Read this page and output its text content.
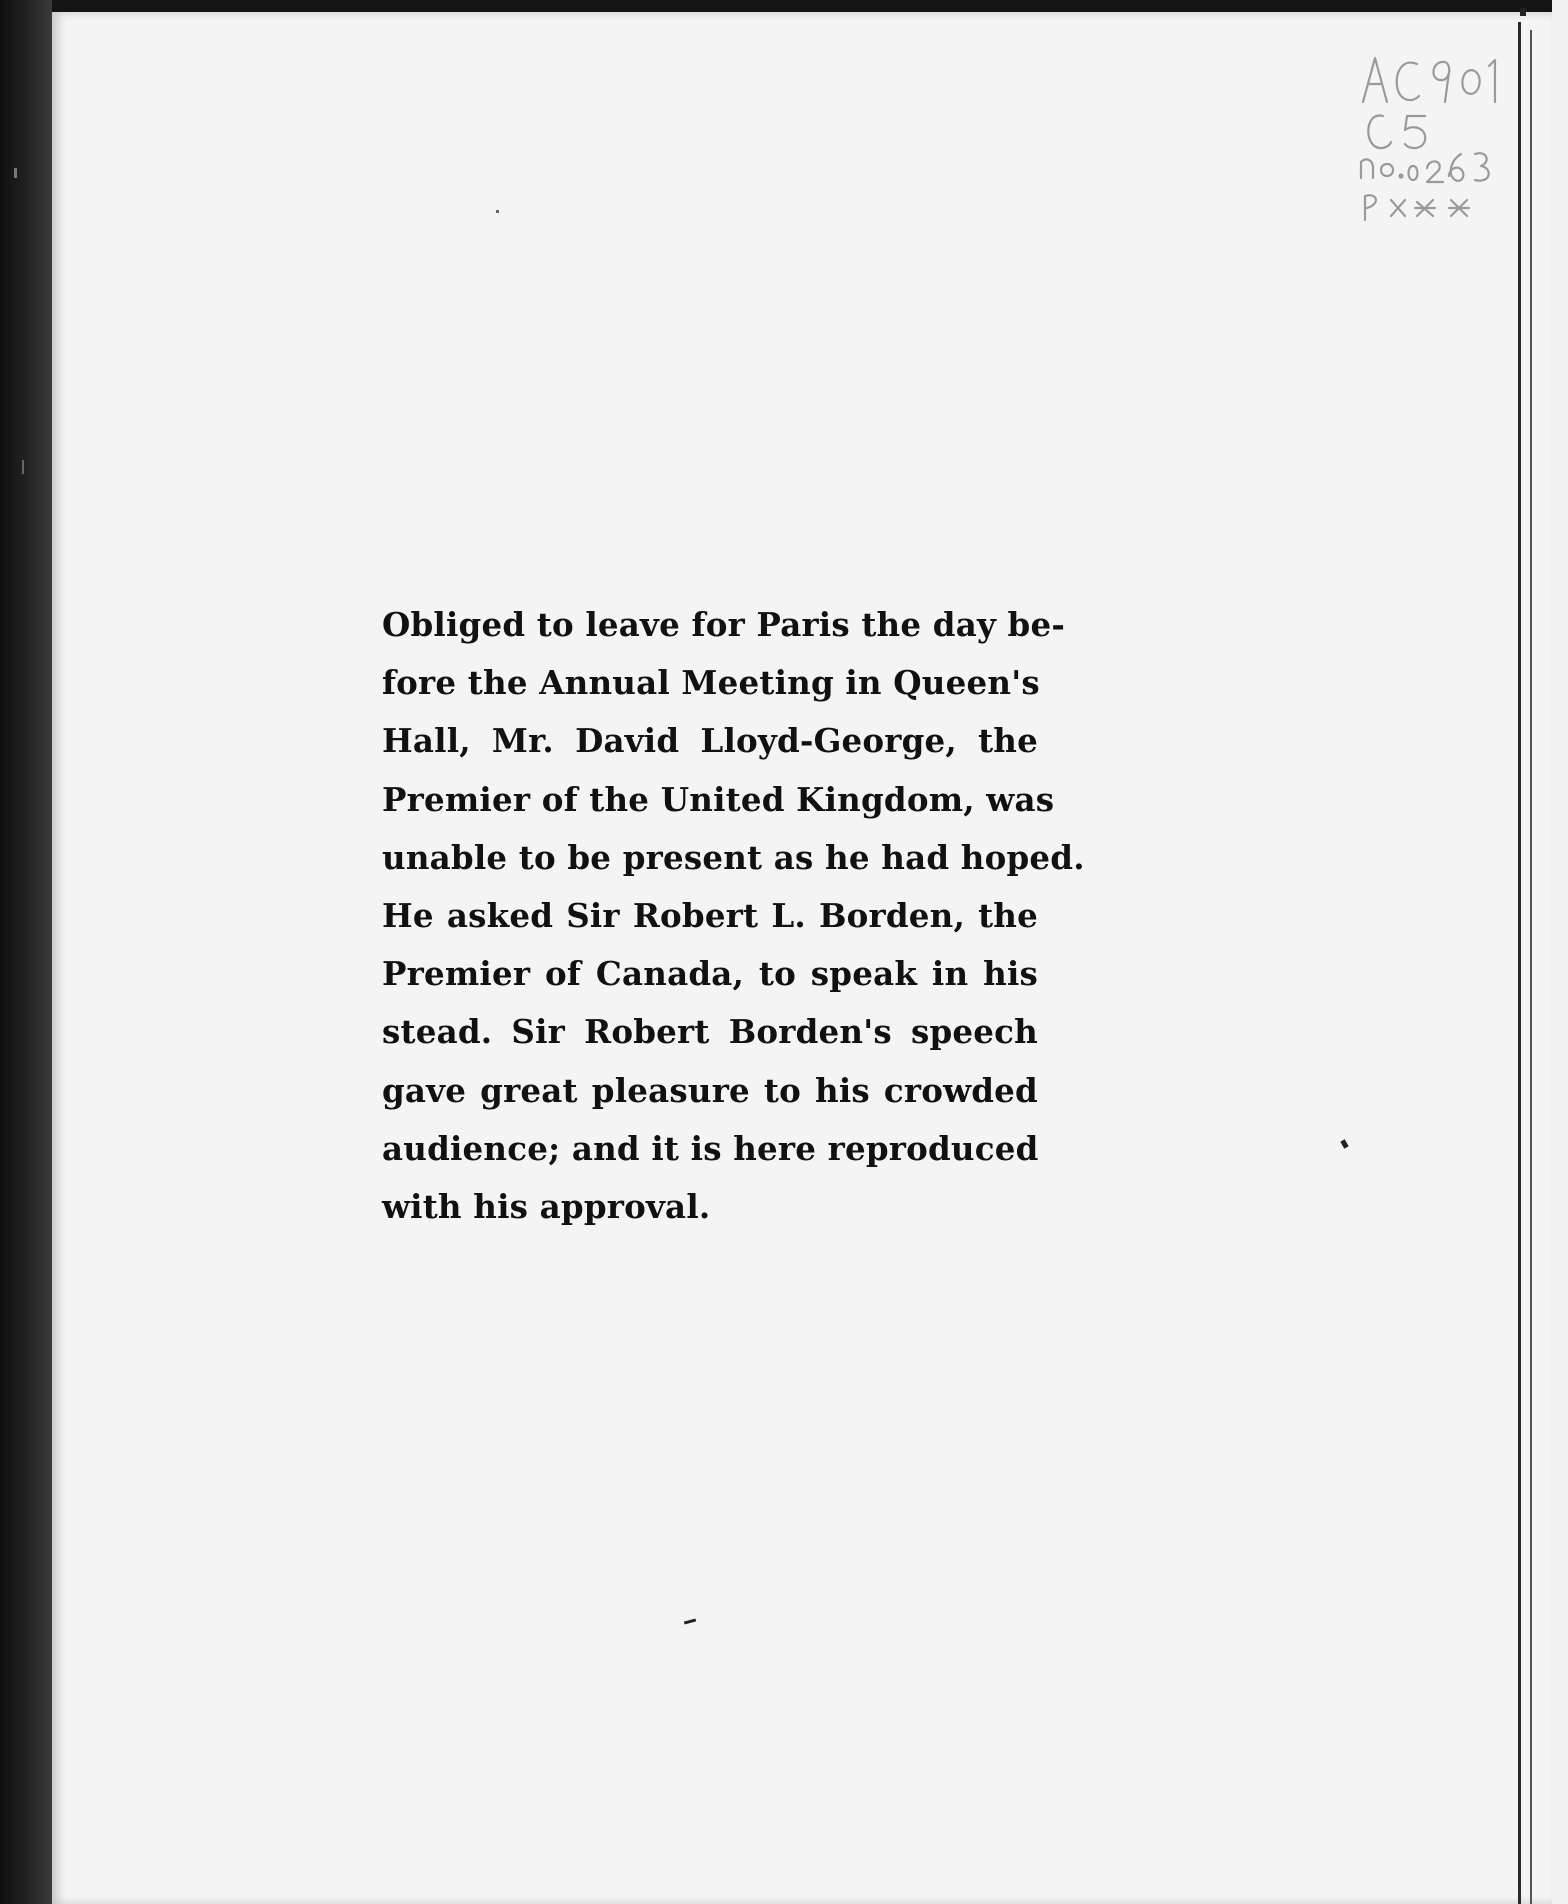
Obliged to leave for Paris the day be-
fore the Annual Meeting in Queen's
Hall, Mr. David Lloyd-George, the
Premier of the United Kingdom, was
unable to be present as he had hoped.
He asked Sir Robert L. Borden, the
Premier of Canada, to speak in his
stead. Sir Robert Borden's speech
gave great pleasure to his crowded
audience; and it is here reproduced
with his approval.
